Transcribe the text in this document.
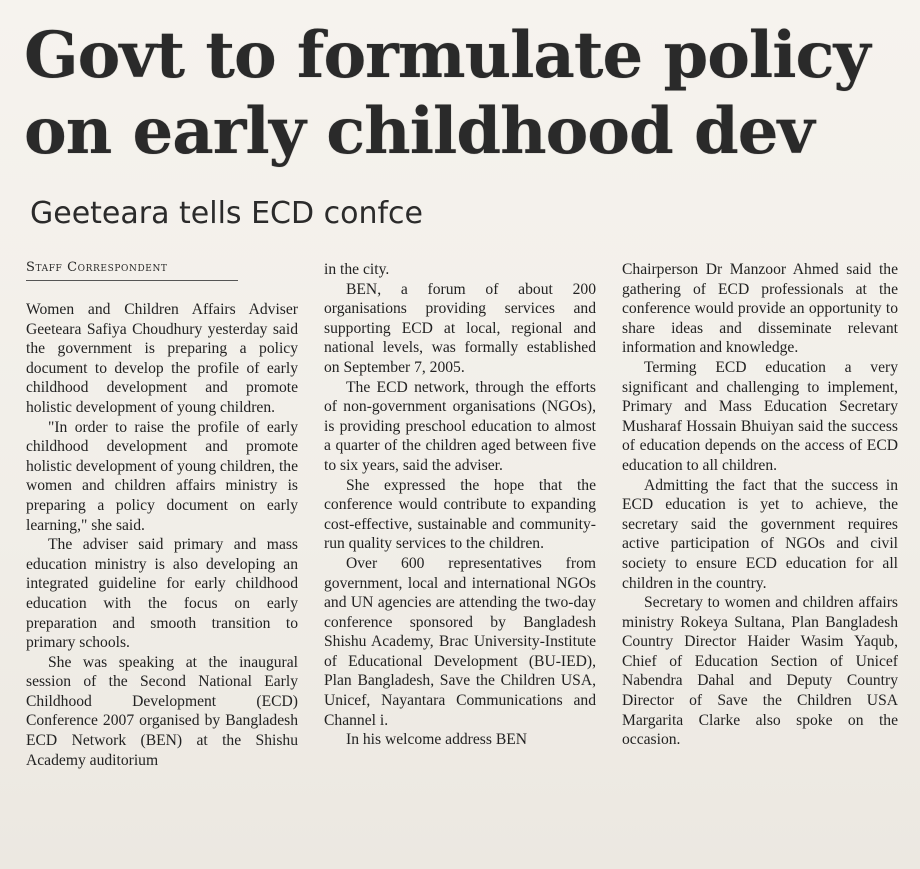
Govt to formulate policy
on early childhood dev
Geeteara tells ECD confce
Staff Correspondent

Women and Children Affairs Adviser Geeteara Safiya Choudhury yesterday said the government is preparing a policy document to develop the profile of early childhood development and promote holistic development of young children.

"In order to raise the profile of early childhood development and promote holistic development of young children, the women and children affairs ministry is preparing a policy document on early learning," she said.

The adviser said primary and mass education ministry is also developing an integrated guideline for early childhood education with the focus on early preparation and smooth transition to primary schools.

She was speaking at the inaugural session of the Second National Early Childhood Development (ECD) Conference 2007 organised by Bangladesh ECD Network (BEN) at the Shishu Academy auditorium

in the city.

BEN, a forum of about 200 organisations providing services and supporting ECD at local, regional and national levels, was formally established on September 7, 2005.

The ECD network, through the efforts of non-government organisations (NGOs), is providing preschool education to almost a quarter of the children aged between five to six years, said the adviser.

She expressed the hope that the conference would contribute to expanding cost-effective, sustainable and community-run quality services to the children.

Over 600 representatives from government, local and international NGOs and UN agencies are attending the two-day conference sponsored by Bangladesh Shishu Academy, Brac University-Institute of Educational Development (BU-IED), Plan Bangladesh, Save the Children USA, Unicef, Nayantara Communications and Channel i.

In his welcome address BEN

Chairperson Dr Manzoor Ahmed said the gathering of ECD professionals at the conference would provide an opportunity to share ideas and disseminate relevant information and knowledge.

Terming ECD education a very significant and challenging to implement, Primary and Mass Education Secretary Musharaf Hossain Bhuiyan said the success of education depends on the access of ECD education to all children.

Admitting the fact that the success in ECD education is yet to achieve, the secretary said the government requires active participation of NGOs and civil society to ensure ECD education for all children in the country.

Secretary to women and children affairs ministry Rokeya Sultana, Plan Bangladesh Country Director Haider Wasim Yaqub, Chief of Education Section of Unicef Nabendra Dahal and Deputy Country Director of Save the Children USA Margarita Clarke also spoke on the occasion.
